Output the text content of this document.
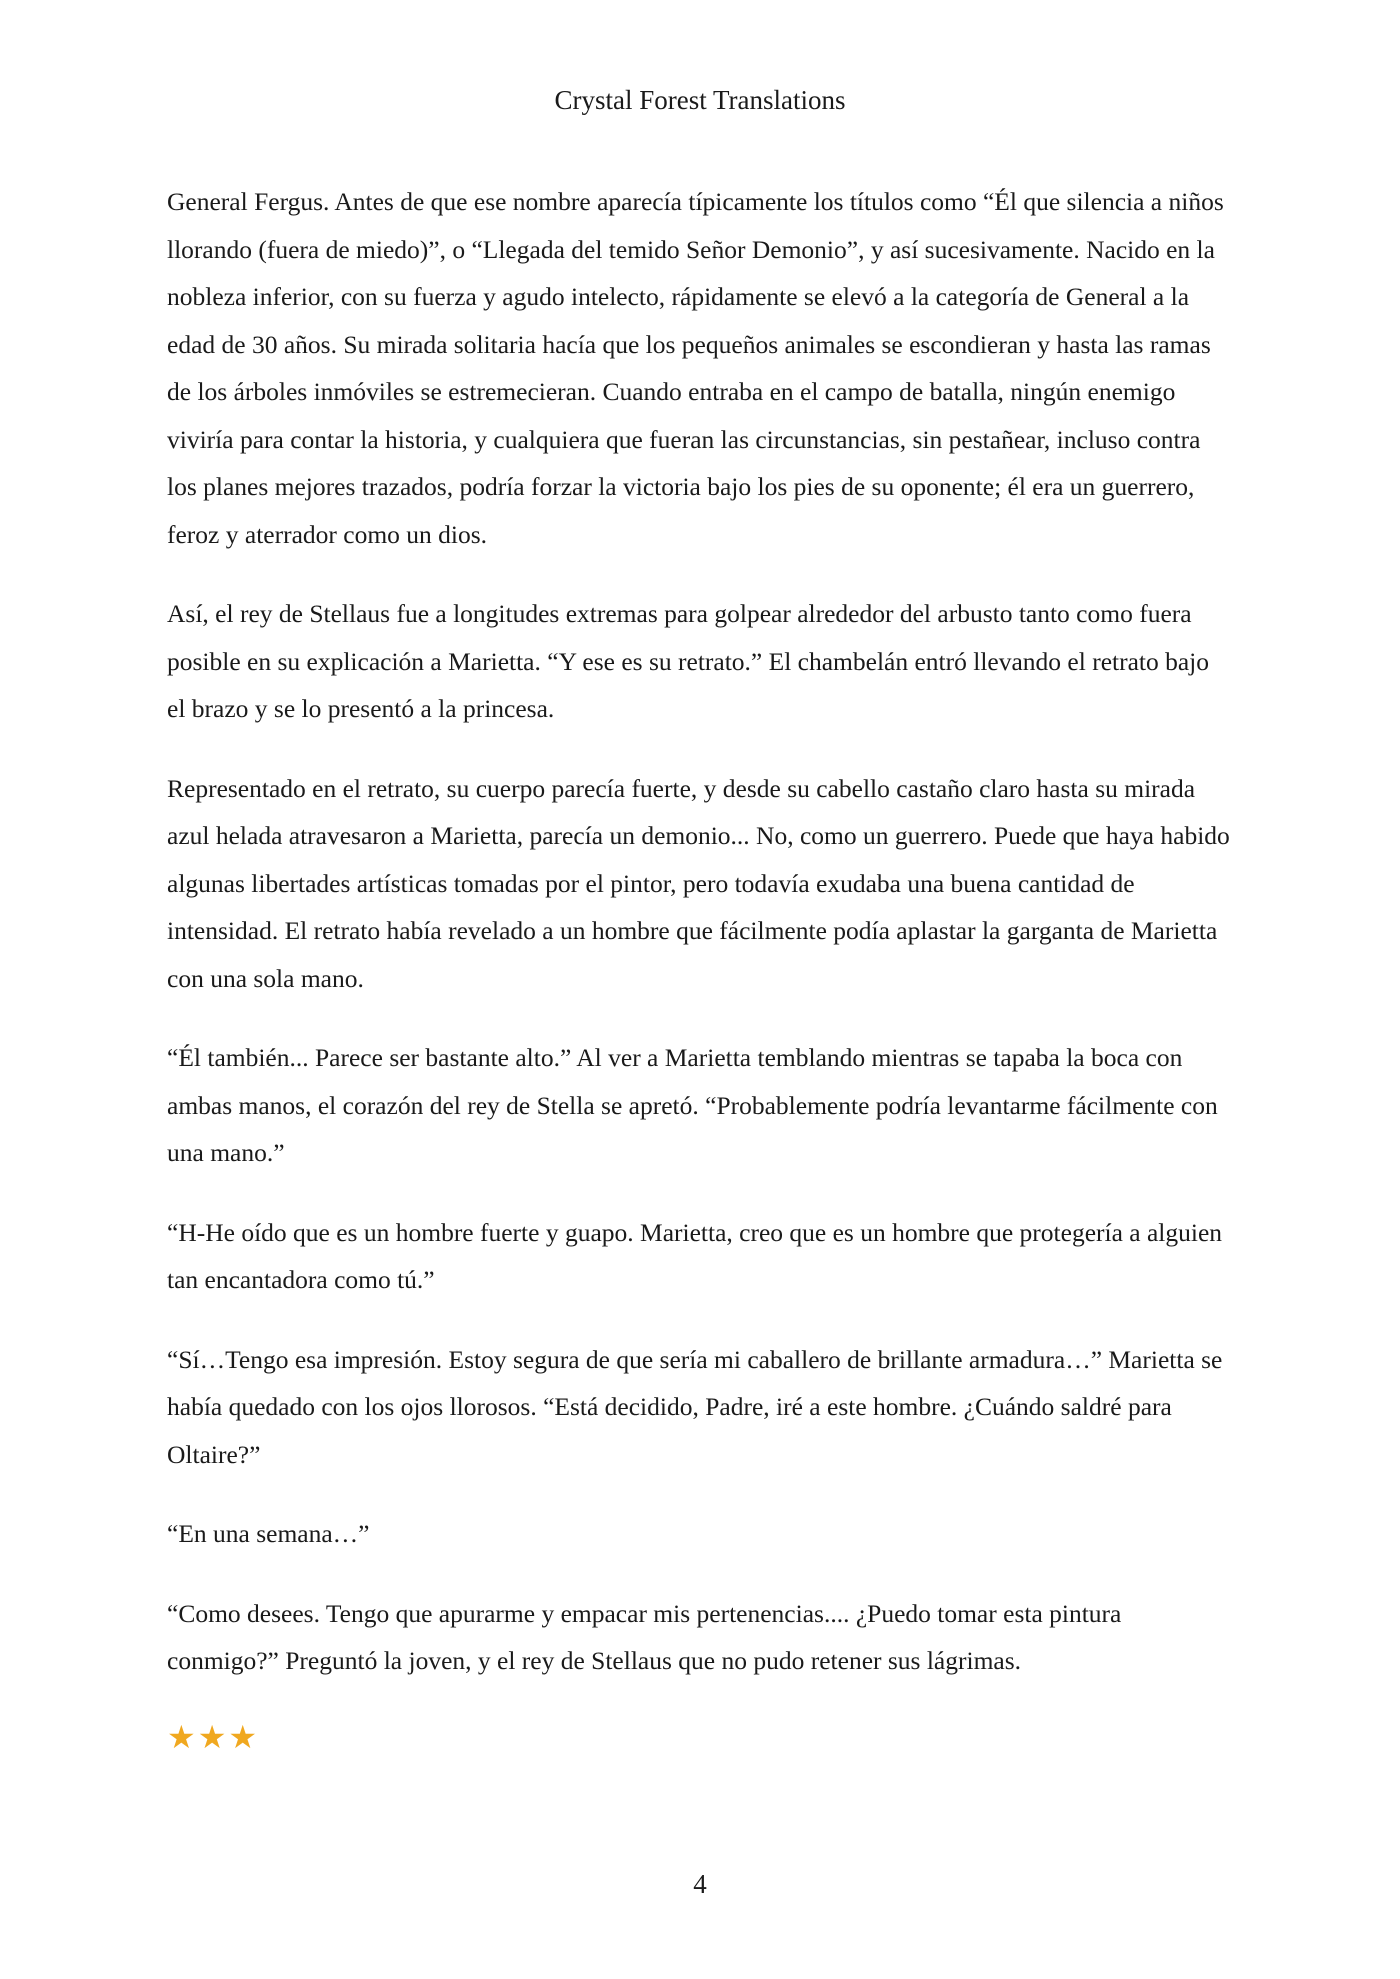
Crystal Forest Translations

General Fergus. Antes de que ese nombre aparecía típicamente los títulos como “Él que silencia a niños llorando (fuera de miedo)”, o “Llegada del temido Señor Demonio”, y así sucesivamente. Nacido en la nobleza inferior, con su fuerza y agudo intelecto, rápidamente se elevó a la categoría de General a la edad de 30 años. Su mirada solitaria hacía que los pequeños animales se escondieran y hasta las ramas de los árboles inmóviles se estremecieran. Cuando entraba en el campo de batalla, ningún enemigo viviría para contar la historia, y cualquiera que fueran las circunstancias, sin pestañear, incluso contra los planes mejores trazados, podría forzar la victoria bajo los pies de su oponente; él era un guerrero, feroz y aterrador como un dios.

Así, el rey de Stellaus fue a longitudes extremas para golpear alrededor del arbusto tanto como fuera posible en su explicación a Marietta. “Y ese es su retrato.” El chambelán entró llevando el retrato bajo el brazo y se lo presentó a la princesa.

Representado en el retrato, su cuerpo parecía fuerte, y desde su cabello castaño claro hasta su mirada azul helada atravesaron a Marietta, parecía un demonio... No, como un guerrero. Puede que haya habido algunas libertades artísticas tomadas por el pintor, pero todavía exudaba una buena cantidad de intensidad. El retrato había revelado a un hombre que fácilmente podía aplastar la garganta de Marietta con una sola mano.

“Él también... Parece ser bastante alto.” Al ver a Marietta temblando mientras se tapaba la boca con ambas manos, el corazón del rey de Stella se apretó. “Probablemente podría levantarme fácilmente con una mano.”

“H-He oído que es un hombre fuerte y guapo. Marietta, creo que es un hombre que protegería a alguien tan encantadora como tú.”

“Sí…Tengo esa impresión. Estoy segura de que sería mi caballero de brillante armadura…” Marietta se había quedado con los ojos llorosos. “Está decidido, Padre, iré a este hombre. ¿Cuándo saldré para Oltaire?”

“En una semana…”

“Como desees. Tengo que apurarme y empacar mis pertenencias.... ¿Puedo tomar esta pintura conmigo?” Preguntó la joven, y el rey de Stellaus que no pudo retener sus lágrimas.

★★★
4
